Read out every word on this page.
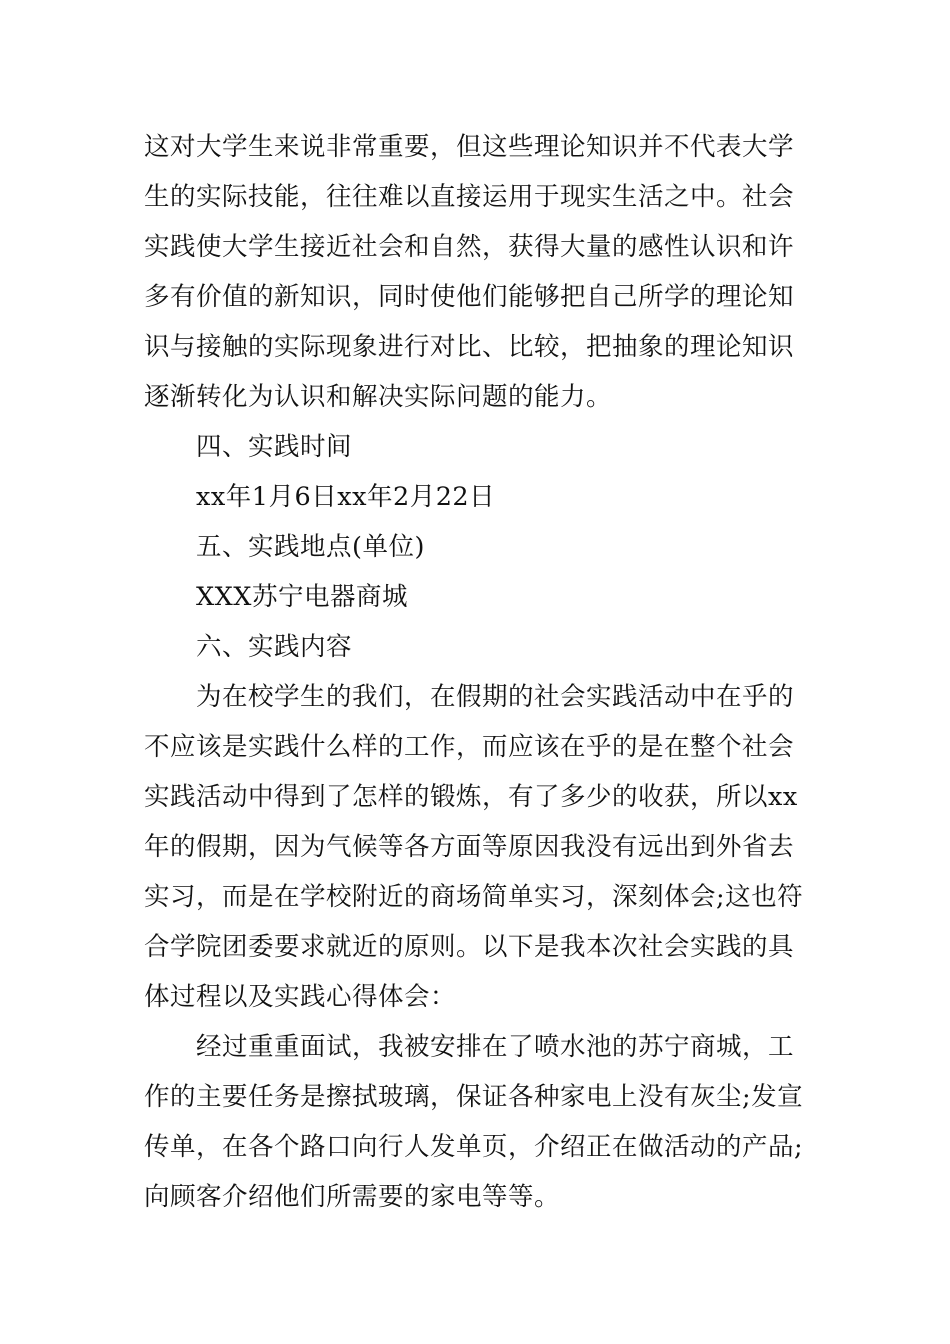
这对大学生来说非常重要，但这些理论知识并不代表大学
生的实际技能，往往难以直接运用于现实生活之中。社会
实践使大学生接近社会和自然，获得大量的感性认识和许
多有价值的新知识，同时使他们能够把自己所学的理论知
识与接触的实际现象进行对比、比较，把抽象的理论知识
逐渐转化为认识和解决实际问题的能力。
四、实践时间
xx年1月6日xx年2月22日
五、实践地点(单位)
XXX苏宁电器商城
六、实践内容
为在校学生的我们，在假期的社会实践活动中在乎的
不应该是实践什么样的工作，而应该在乎的是在整个社会
实践活动中得到了怎样的锻炼，有了多少的收获，所以xx
年的假期，因为气候等各方面等原因我没有远出到外省去
实习，而是在学校附近的商场简单实习，深刻体会;这也符
合学院团委要求就近的原则。以下是我本次社会实践的具
体过程以及实践心得体会：
经过重重面试，我被安排在了喷水池的苏宁商城，工
作的主要任务是擦拭玻璃，保证各种家电上没有灰尘;发宣
传单，在各个路口向行人发单页，介绍正在做活动的产品;
向顾客介绍他们所需要的家电等等。
